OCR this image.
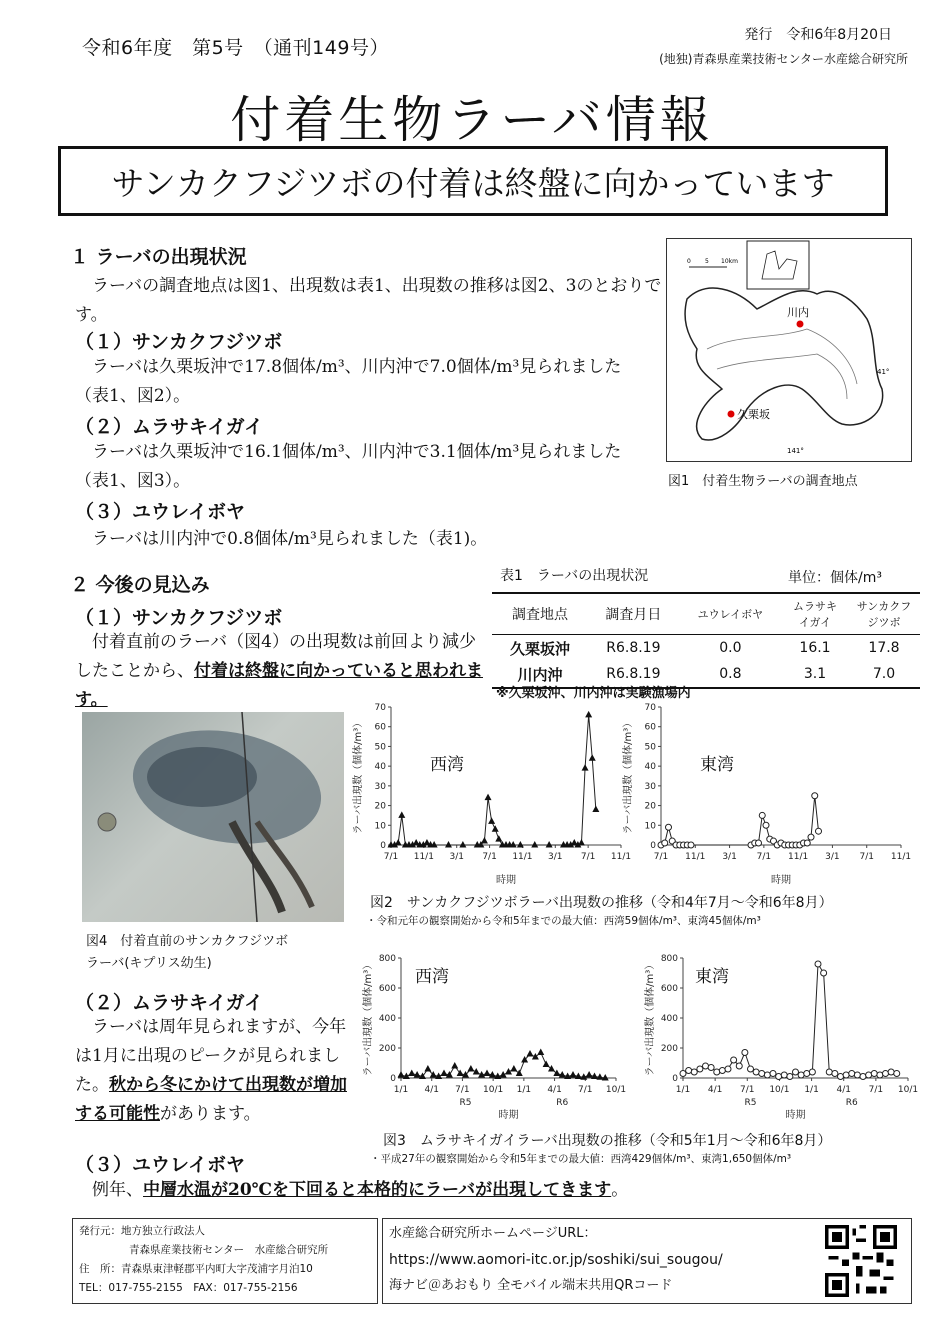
令和6年度　第5号　（通刊149号）
発行　令和6年8月20日
(地独)青森県産業技術センター水産総合研究所
付着生物ラーバ情報
サンカクフジツボの付着は終盤に向かっています
１ ラーバの出現状況
ラーバの調査地点は図1、出現数は表1、出現数の推移は図2、3のとおりです。
（１）サンカクフジツボ
ラーバは久栗坂沖で17.8個体/m³、川内沖で7.0個体/m³見られました（表1、図2）。
（２）ムラサキイガイ
ラーバは久栗坂沖で16.1個体/m³、川内沖で3.1個体/m³見られました（表1、図3）。
（３）ユウレイボヤ
ラーバは川内沖で0.8個体/m³見られました（表1)。
0 5 10km
41°
141°
川内
久栗坂
図1　付着生物ラーバの調査地点
２ 今後の見込み
（１）サンカクフジツボ
付着直前のラーバ（図4）の出現数は前回より減少したことから、付着は終盤に向かっていると思われます。
表1　ラーバの出現状況	単位：個体/m³
調査地点	調査月日	ユウレイボヤ	ムラサキイガイ	サンカクフジツボ
久栗坂沖	R6.8.19	0.0	16.1	17.8
川内沖	R6.8.19	0.8	3.1	7.0
※久栗坂沖、川内沖は実験漁場内
図4　付着直前のサンカクフジツボ
ラーバ(キプリス幼生)
0
10
20
30
40
50
60
70
7/1 11/1 3/1 7/1 11/1 3/1 7/1 11/1
時期
ラーバ出現数（個体/m³）	西湾
0
10
20
30
40
50
60
70
7/1 11/1 3/1 7/1 11/1 3/1 7/1 11/1
時期
ラーバ出現数（個体/m³）	東湾
図2　サンカクフジツボラーバ出現数の推移（令和4年7月～令和6年8月）
・令和元年の観察開始から令和5年までの最大値：西湾59個体/m³、東湾45個体/m³
0
200
400
600
800
1/1 4/1 7/1 10/1 1/1 4/1 7/1 10/1
R5	R6
時期
ラーバ出現数（個体/m³） 西湾
0
200
400
600
800
1/1 4/1 7/1 10/1 1/1 4/1 7/1 10/1
R5	R6
時期
ラーバ出現数（個体/m³） 東湾
図3　ムラサキイガイラーバ出現数の推移（令和5年1月～令和6年8月）
・平成27年の観察開始から令和5年までの最大値：西湾429個体/m³、東湾1,650個体/m³
（２）ムラサキイガイ
ラーバは周年見られますが、今年は1月に出現のピークが見られました。秋から冬にかけて出現数が増加する可能性があります。
（３）ユウレイボヤ
例年、中層水温が20℃を下回ると本格的にラーバが出現してきます。
発行元：地方独立行政法人
青森県産業技術センター　水産総合研究所
住　所：青森県東津軽郡平内町大字茂浦字月泊10
TEL：017-755-2155　FAX：017-755-2156
水産総合研究所ホームページURL：
https://www.aomori-itc.or.jp/soshiki/sui_sougou/
海ナビ＠あおもり 全モバイル端末共用QRコード
